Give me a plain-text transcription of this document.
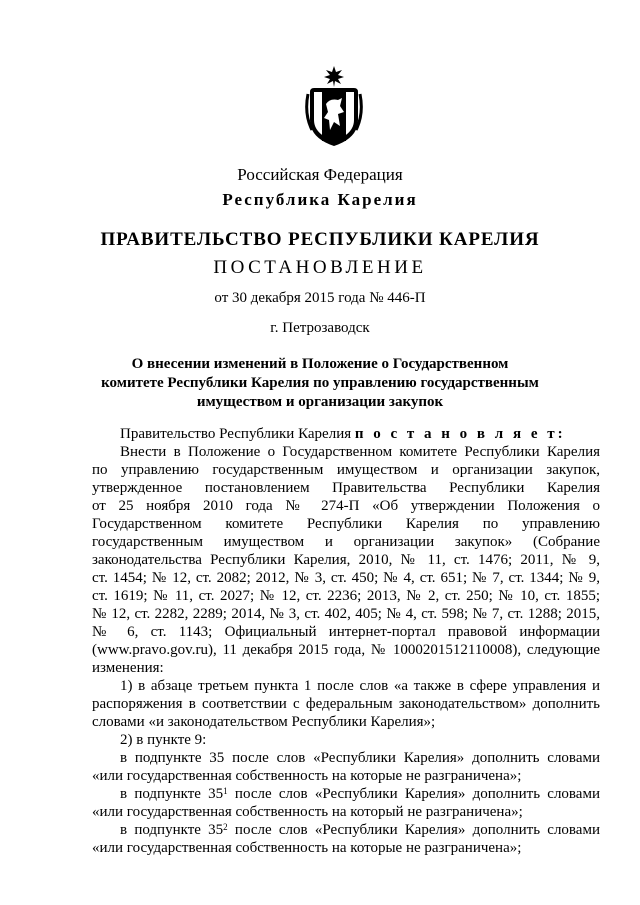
Российская Федерация
Республика Карелия
ПРАВИТЕЛЬСТВО РЕСПУБЛИКИ КАРЕЛИЯ
ПОСТАНОВЛЕНИЕ
от 30 декабря 2015 года № 446-П
г. Петрозаводск
О внесении изменений в Положение о Государственном
комитете Республики Карелия по управлению государственным
имуществом и организации закупок
Правительство Республики Карелия п о с т а н о в л я е т:
Внести в Положение о Государственном комитете Республики Карелия
по управлению государственным имуществом и организации закупок,
утвержденное постановлением Правительства Республики Карелия
от 25 ноября 2010 года № 274-П «Об утверждении Положения о
Государственном комитете Республики Карелия по управлению
государственным имуществом и организации закупок» (Собрание
законодательства Республики Карелия, 2010, № 11, ст. 1476; 2011, № 9,
ст. 1454; № 12, ст. 2082; 2012, № 3, ст. 450; № 4, ст. 651; № 7, ст. 1344; № 9,
ст. 1619; № 11, ст. 2027; № 12, ст. 2236; 2013, № 2, ст. 250; № 10, ст. 1855;
№ 12, ст. 2282, 2289; 2014, № 3, ст. 402, 405; № 4, ст. 598; № 7, ст. 1288; 2015,
№ 6, ст. 1143; Официальный интернет-портал правовой информации
(www.pravo.gov.ru), 11 декабря 2015 года, № 1000201512110008), следующие
изменения:
1) в абзаце третьем пункта 1 после слов «а также в сфере управления и
распоряжения в соответствии с федеральным законодательством» дополнить
словами «и законодательством Республики Карелия»;
2) в пункте 9:
в подпункте 35 после слов «Республики Карелия» дополнить словами
«или государственная собственность на которые не разграничена»;
в подпункте $35^1$ после слов «Республики Карелия» дополнить словами
«или государственная собственность на который не разграничена»;
в подпункте $35^2$ после слов «Республики Карелия» дополнить словами
«или государственная собственность на которые не разграничена»;
